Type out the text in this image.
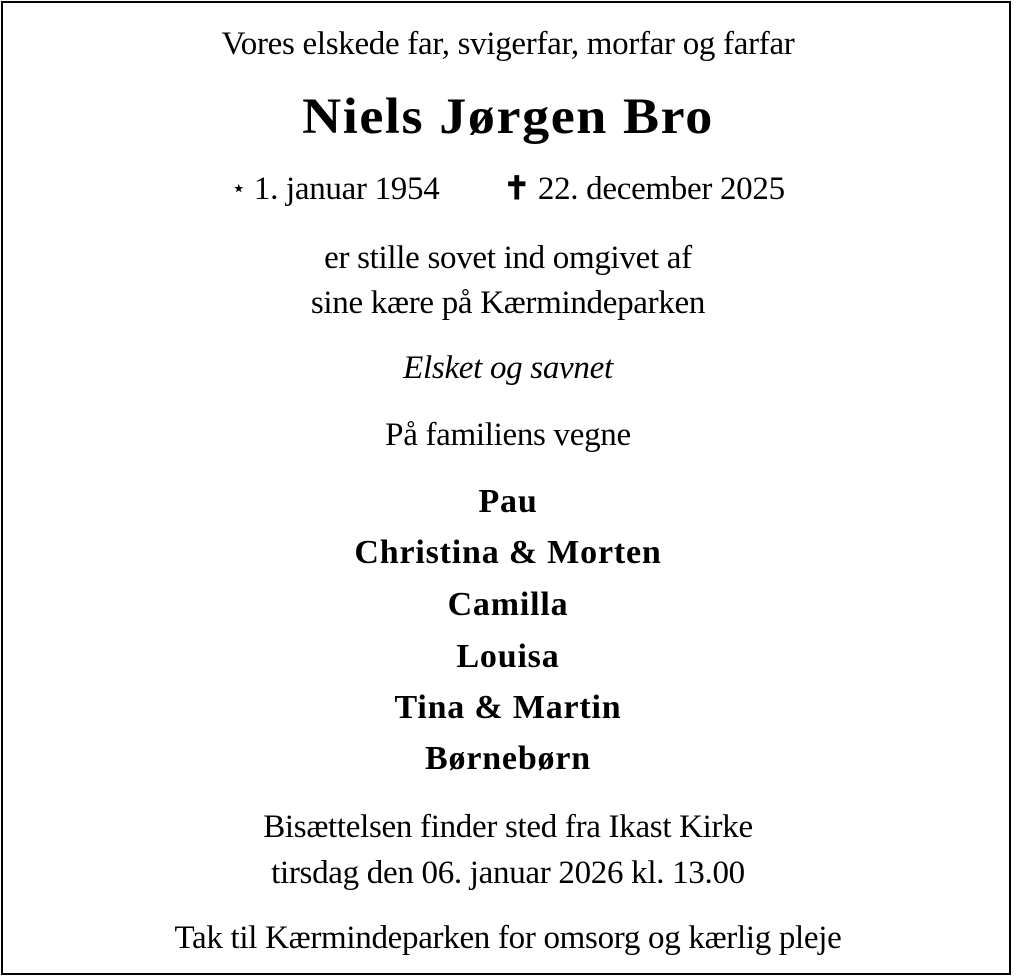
Vores elskede far, svigerfar, morfar og farfar
Niels Jørgen Bro
⋆ 1. januar 1954 ✝ 22. december 2025
er stille sovet ind omgivet af
sine kære på Kærmindeparken
Elsket og savnet
På familiens vegne
Pau
Christina & Morten
Camilla
Louisa
Tina & Martin
Børnebørn
Bisættelsen finder sted fra Ikast Kirke
tirsdag den 06. januar 2026 kl. 13.00
Tak til Kærmindeparken for omsorg og kærlig pleje
